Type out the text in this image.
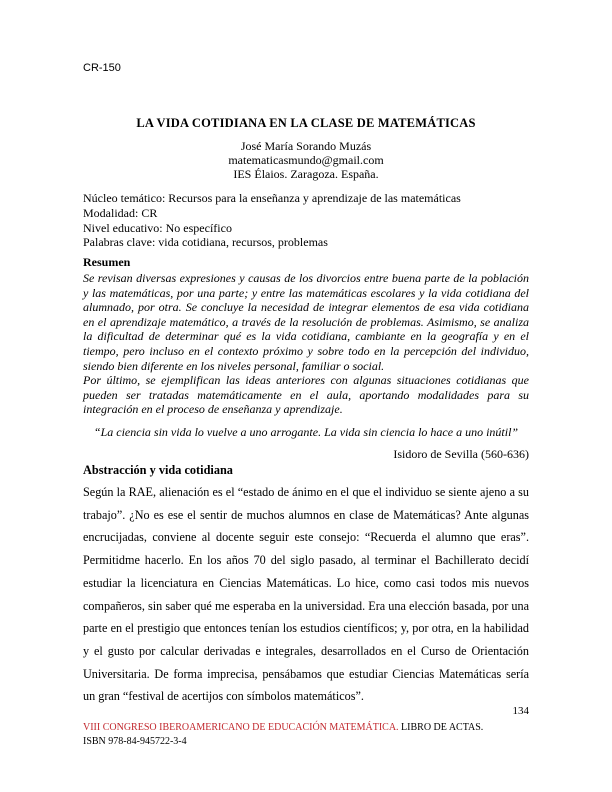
CR-150
LA VIDA COTIDIANA EN LA CLASE DE MATEMÁTICAS
José María Sorando Muzás
matematicasmundo@gmail.com
IES Élaios. Zaragoza. España.
Núcleo temático: Recursos para la enseñanza y aprendizaje de las matemáticas
Modalidad: CR
Nivel educativo: No específico
Palabras clave: vida cotidiana, recursos, problemas
Resumen

Se revisan diversas expresiones y causas de los divorcios entre buena parte de la población y las matemáticas, por una parte; y entre las matemáticas escolares y la vida cotidiana del alumnado, por otra. Se concluye la necesidad de integrar elementos de esa vida cotidiana en el aprendizaje matemático, a través de la resolución de problemas. Asimismo, se analiza la dificultad de determinar qué es la vida cotidiana, cambiante en la geografía y en el tiempo, pero incluso en el contexto próximo y sobre todo en la percepción del individuo, siendo bien diferente en los niveles personal, familiar o social.

Por último, se ejemplifican las ideas anteriores con algunas situaciones cotidianas que pueden ser tratadas matemáticamente en el aula, aportando modalidades para su integración en el proceso de enseñanza y aprendizaje.

“La ciencia sin vida lo vuelve a uno arrogante. La vida sin ciencia lo hace a uno inútil”
Isidoro de Sevilla (560-636)
Abstracción y vida cotidiana
Según la RAE, alienación es el “estado de ánimo en el que el individuo se siente ajeno a su trabajo”. ¿No es ese el sentir de muchos alumnos en clase de Matemáticas? Ante algunas encrucijadas, conviene al docente seguir este consejo: “Recuerda el alumno que eras”. Permitidme hacerlo. En los años 70 del siglo pasado, al terminar el Bachillerato decidí estudiar la licenciatura en Ciencias Matemáticas. Lo hice, como casi todos mis nuevos compañeros, sin saber qué me esperaba en la universidad. Era una elección basada, por una parte en el prestigio que entonces tenían los estudios científicos; y, por otra, en la habilidad y el gusto por calcular derivadas e integrales, desarrollados en el Curso de Orientación Universitaria. De forma imprecisa, pensábamos que estudiar Ciencias Matemáticas sería un gran “festival de acertijos con símbolos matemáticos”.
134
VIII CONGRESO IBEROAMERICANO DE EDUCACIÓN MATEMÁTICA. LIBRO DE ACTAS.
ISBN 978-84-945722-3-4
